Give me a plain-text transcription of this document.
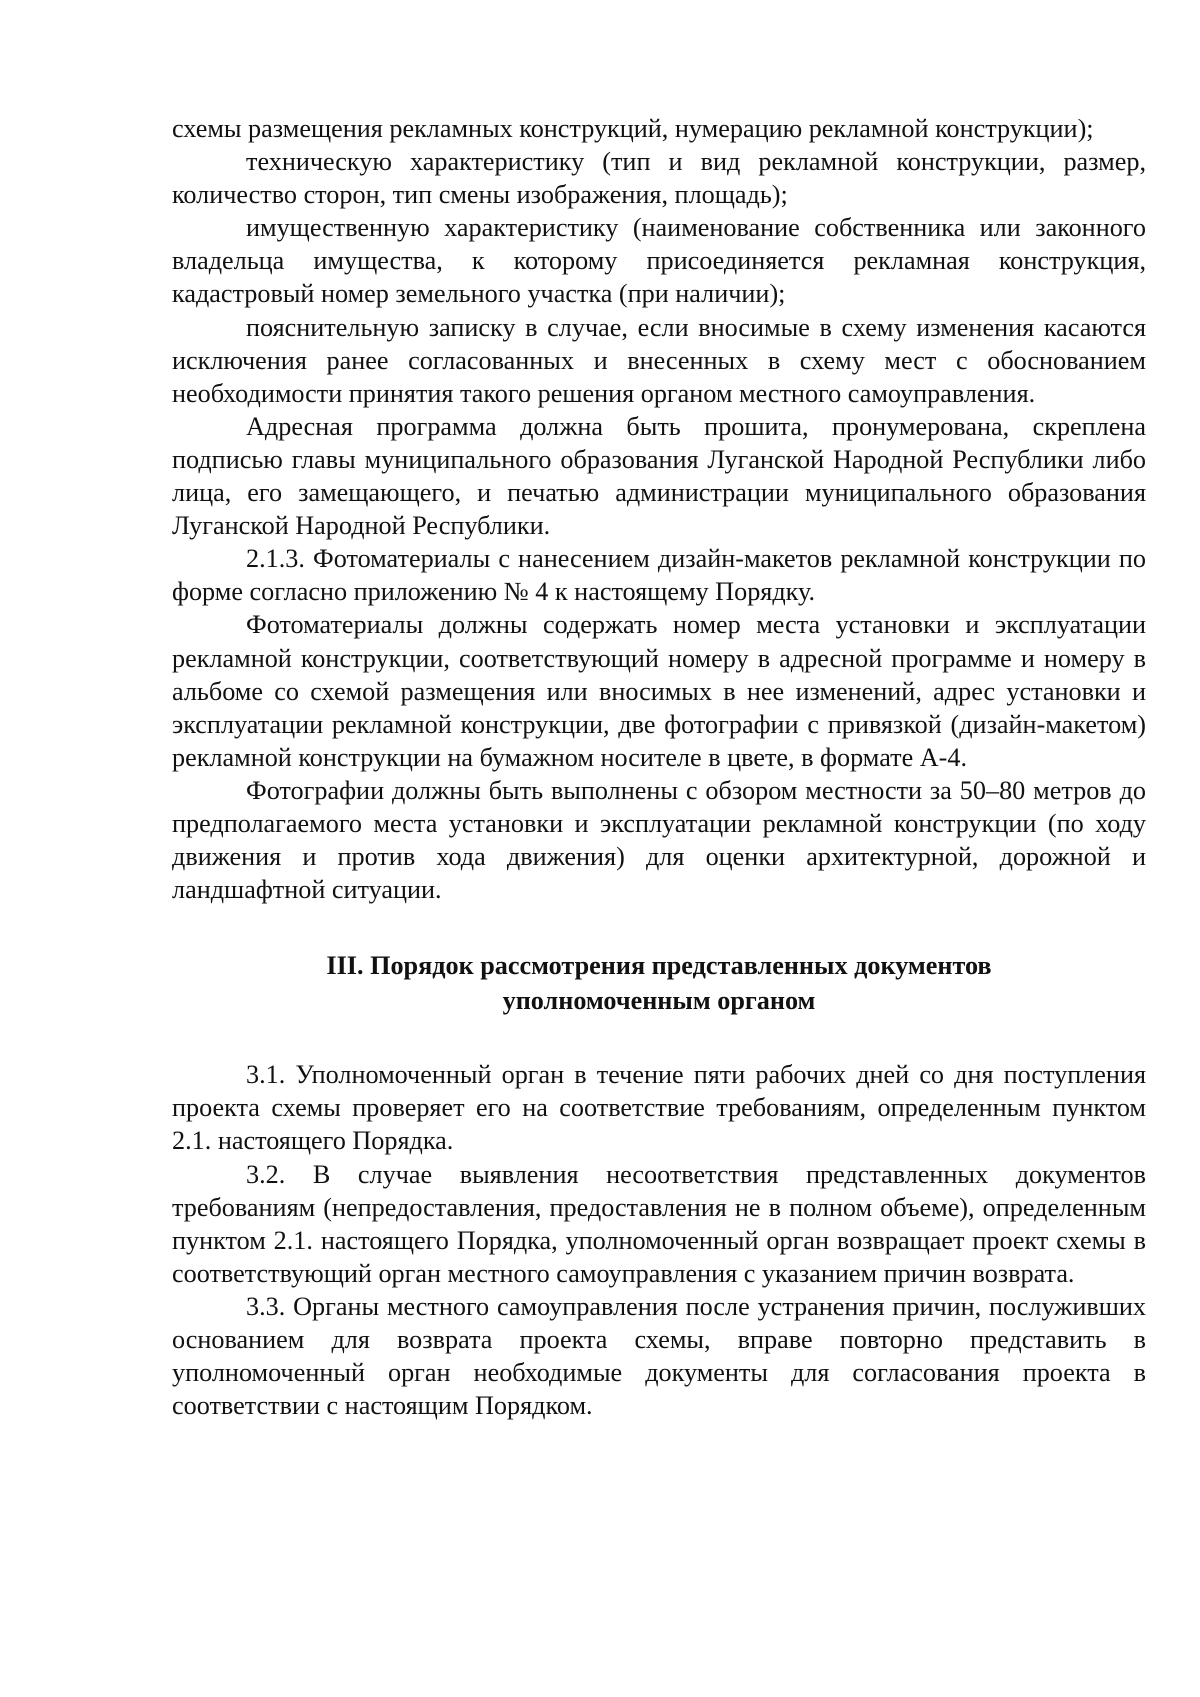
схемы размещения рекламных конструкций, нумерацию рекламной конструкции);

техническую характеристику (тип и вид рекламной конструкции, размер, количество сторон, тип смены изображения, площадь);

имущественную характеристику (наименование собственника или законного владельца имущества, к которому присоединяется рекламная конструкция, кадастровый номер земельного участка (при наличии);

пояснительную записку в случае, если вносимые в схему изменения касаются исключения ранее согласованных и внесенных в схему мест с обоснованием необходимости принятия такого решения органом местного самоуправления.

Адресная программа должна быть прошита, пронумерована, скреплена подписью главы муниципального образования Луганской Народной Республики либо лица, его замещающего, и печатью администрации муниципального образования Луганской Народной Республики.

2.1.3. Фотоматериалы с нанесением дизайн-макетов рекламной конструкции по форме согласно приложению № 4 к настоящему Порядку.

Фотоматериалы должны содержать номер места установки и эксплуатации рекламной конструкции, соответствующий номеру в адресной программе и номеру в альбоме со схемой размещения или вносимых в нее изменений, адрес установки и эксплуатации рекламной конструкции, две фотографии с привязкой (дизайн-макетом) рекламной конструкции на бумажном носителе в цвете, в формате А-4.

Фотографии должны быть выполнены с обзором местности за 50–80 метров до предполагаемого места установки и эксплуатации рекламной конструкции (по ходу движения и против хода движения) для оценки архитектурной, дорожной и ландшафтной ситуации.

III. Порядок рассмотрения представленных документов

уполномоченным органом

3.1. Уполномоченный орган в течение пяти рабочих дней со дня поступления проекта схемы проверяет его на соответствие требованиям, определенным пунктом 2.1. настоящего Порядка.

3.2. В случае выявления несоответствия представленных документов требованиям (непредоставления, предоставления не в полном объеме), определенным пунктом 2.1. настоящего Порядка, уполномоченный орган возвращает проект схемы в соответствующий орган местного самоуправления с указанием причин возврата.

3.3. Органы местного самоуправления после устранения причин, послуживших основанием для возврата проекта схемы, вправе повторно представить в уполномоченный орган необходимые документы для согласования проекта в соответствии с настоящим Порядком.
